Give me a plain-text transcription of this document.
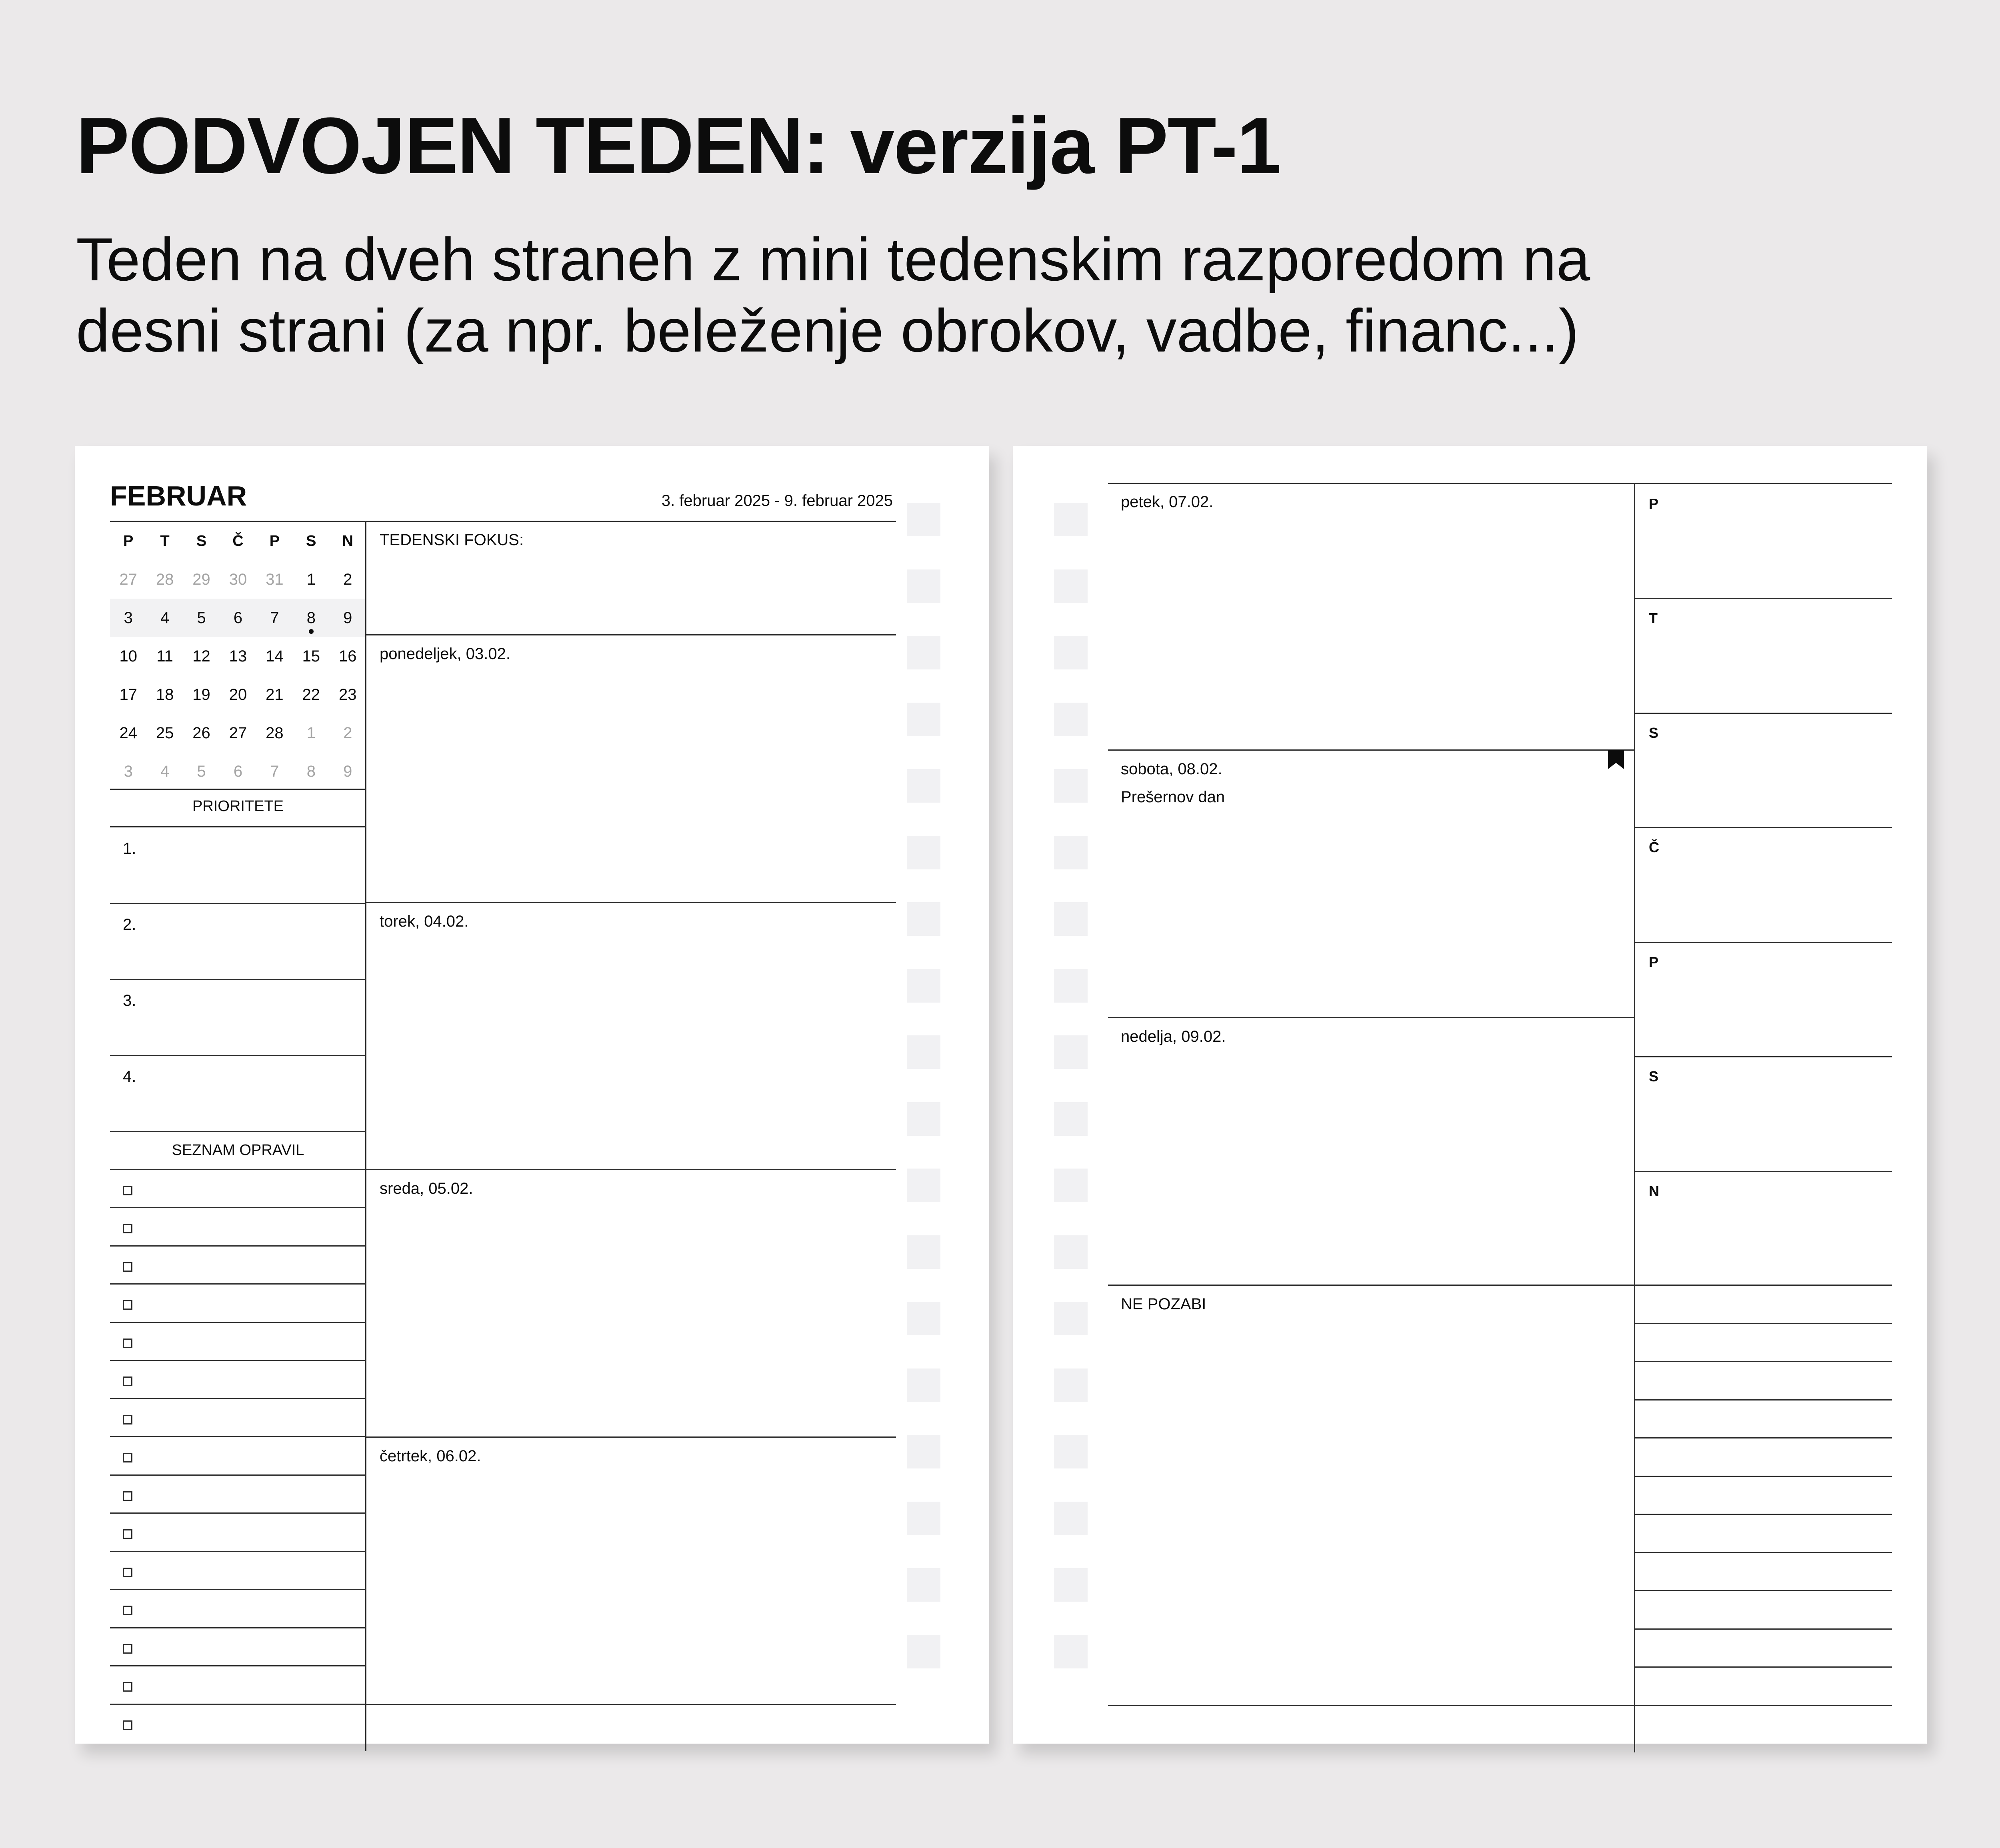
PODVOJEN TEDEN: verzija PT-1
Teden na dveh straneh z mini tedenskim razporedom na
desni strani (za npr. beleženje obrokov, vadbe, financ...)
FEBRUAR	3. februar 2025 - 9. februar 2025
P	T	S	Č	P	S	N
27	28	29	30	31	1	2
3	4	5	6	7	8	9
10	11	12	13	14	15	16
17	18	19	20	21	22	23
24	25	26	27	28	1	2
3	4	5	6	7	8	9
PRIORITETE
1.
2.
3.
4.
SEZNAM OPRAVIL
TEDENSKI FOKUS:
ponedeljek, 03.02.
torek, 04.02.
sreda, 05.02.
četrtek, 06.02.
petek, 07.02.
sobota, 08.02.
Prešernov dan
nedelja, 09.02.
NE POZABI
P
T
S
Č
P
S
N
